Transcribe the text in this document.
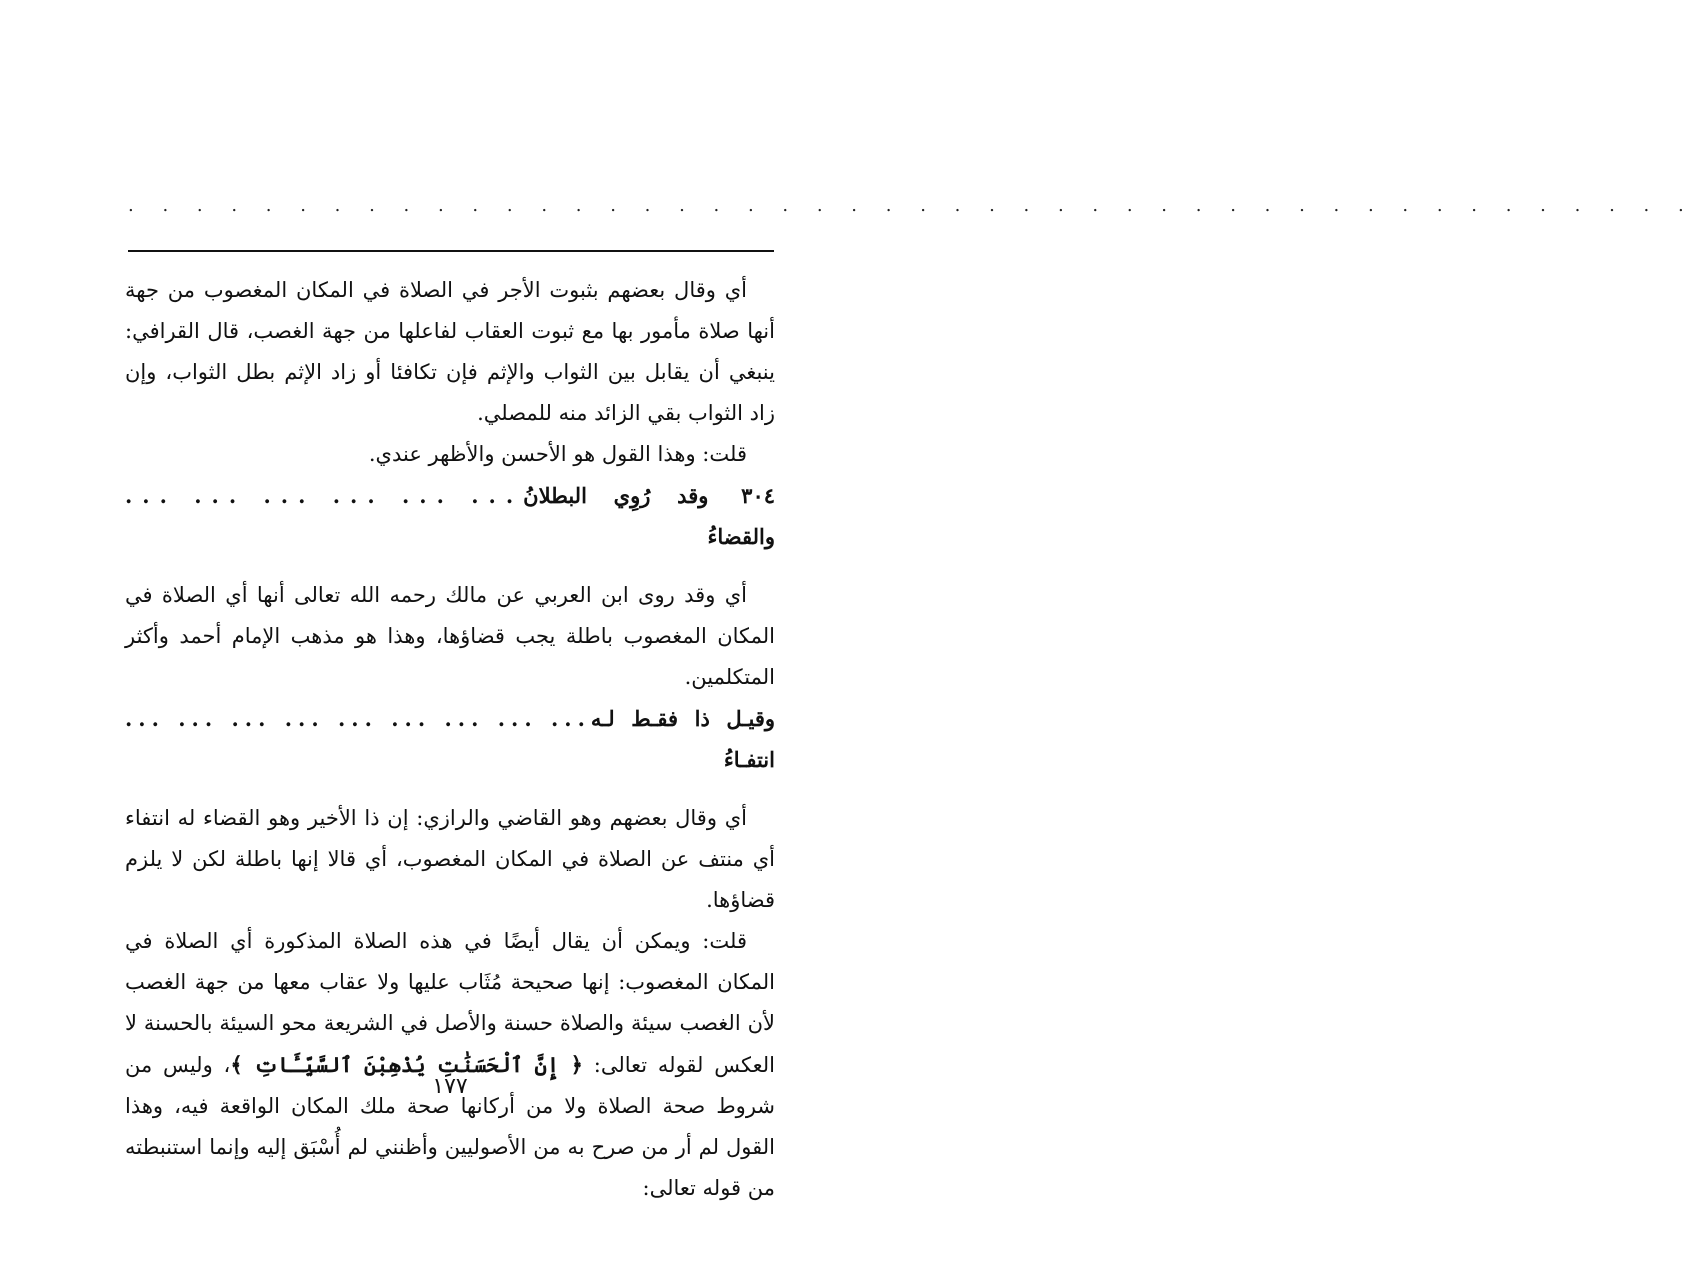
. . . . . . . . . . . . . . . . . . . . . . . . . . . . . . . . . . . . . . . . . . . . . .

أي وقال بعضهم بثبوت الأجر في الصلاة في المكان المغصوب من جهة أنها صلاة مأمور بها مع ثبوت العقاب لفاعلها من جهة الغصب، قال القرافي: ينبغي أن يقابل بين الثواب والإثم فإن تكافئا أو زاد الإثم بطل الثواب، وإن زاد الثواب بقي الزائد منه للمصلي.

قلت: وهذا القول هو الأحسن والأظهر عندي.

٣٠٤ وقد رُوِي البطلانُ والقضاءُ
... ... ... ... ... ...

أي وقد روى ابن العربي عن مالك رحمه الله تعالى أنها أي الصلاة في المكان المغصوب باطلة يجب قضاؤها، وهذا هو مذهب الإمام أحمد وأكثر المتكلمين.

وقيـل ذا فقـط لـه انتفـاءُ
... ... ... ... ... ... ... ... ...

أي وقال بعضهم وهو القاضي والرازي: إن ذا الأخير وهو القضاء له انتفاء أي منتف عن الصلاة في المكان المغصوب، أي قالا إنها باطلة لكن لا يلزم قضاؤها.

قلت: ويمكن أن يقال أيضًا في هذه الصلاة المذكورة أي الصلاة في المكان المغصوب: إنها صحيحة مُثَاب عليها ولا عقاب معها من جهة الغصب لأن الغصب سيئة والصلاة حسنة والأصل في الشريعة محو السيئة بالحسنة لا العكس لقوله تعالى: ﴿ إِنَّ ٱلْحَسَنَٰتِ يُذْهِبْنَ ٱلسَّيِّـَٔاتِ ﴾، وليس من شروط صحة الصلاة ولا من أركانها صحة ملك المكان الواقعة فيه، وهذا القول لم أر من صرح به من الأصوليين وأظنني لم أُسْبَق إليه وإنما استنبطته من قوله تعالى:

١٧٧
